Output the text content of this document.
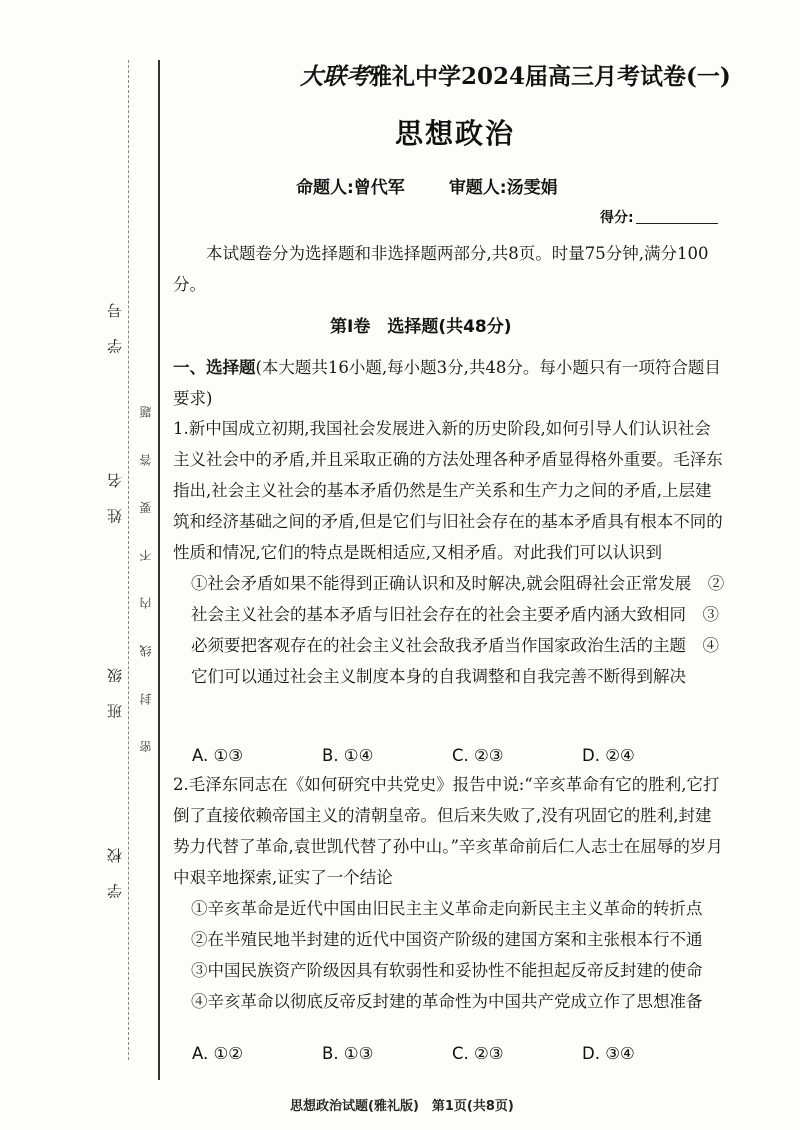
学 号
姓 名
班 级
学 校
密 封 线 内 不 要 答 题
大联考雅礼中学2024届高三月考试卷(一)
思想政治
命题人:曾代军	审题人:汤雯娟
得分:
本试题卷分为选择题和非选择题两部分,共8页。时量75分钟,满分100分。
第Ⅰ卷　选择题(共48分)
一、选择题(本大题共16小题,每小题3分,共48分。每小题只有一项符合题目要求)
1.新中国成立初期,我国社会发展进入新的历史阶段,如何引导人们认识社会主义社会中的矛盾,并且采取正确的方法处理各种矛盾显得格外重要。毛泽东指出,社会主义社会的基本矛盾仍然是生产关系和生产力之间的矛盾,上层建筑和经济基础之间的矛盾,但是它们与旧社会存在的基本矛盾具有根本不同的性质和情况,它们的特点是既相适应,又相矛盾。对此我们可以认识到
①社会矛盾如果不能得到正确认识和及时解决,就会阻碍社会正常发展　②社会主义社会的基本矛盾与旧社会存在的社会主要矛盾内涵大致相同　③必须要把客观存在的社会主义社会敌我矛盾当作国家政治生活的主题　④它们可以通过社会主义制度本身的自我调整和自我完善不断得到解决
A. ①③	B. ①④	C. ②③	D. ②④
2.毛泽东同志在《如何研究中共党史》报告中说:“辛亥革命有它的胜利,它打倒了直接依赖帝国主义的清朝皇帝。但后来失败了,没有巩固它的胜利,封建势力代替了革命,袁世凯代替了孙中山。”辛亥革命前后仁人志士在屈辱的岁月中艰辛地探索,证实了一个结论
①辛亥革命是近代中国由旧民主主义革命走向新民主主义革命的转折点　②在半殖民地半封建的近代中国资产阶级的建国方案和主张根本行不通　③中国民族资产阶级因具有软弱性和妥协性不能担起反帝反封建的使命　④辛亥革命以彻底反帝反封建的革命性为中国共产党成立作了思想准备
A. ①②	B. ①③	C. ②③	D. ③④
思想政治试题(雅礼版)　第1页(共8页)
